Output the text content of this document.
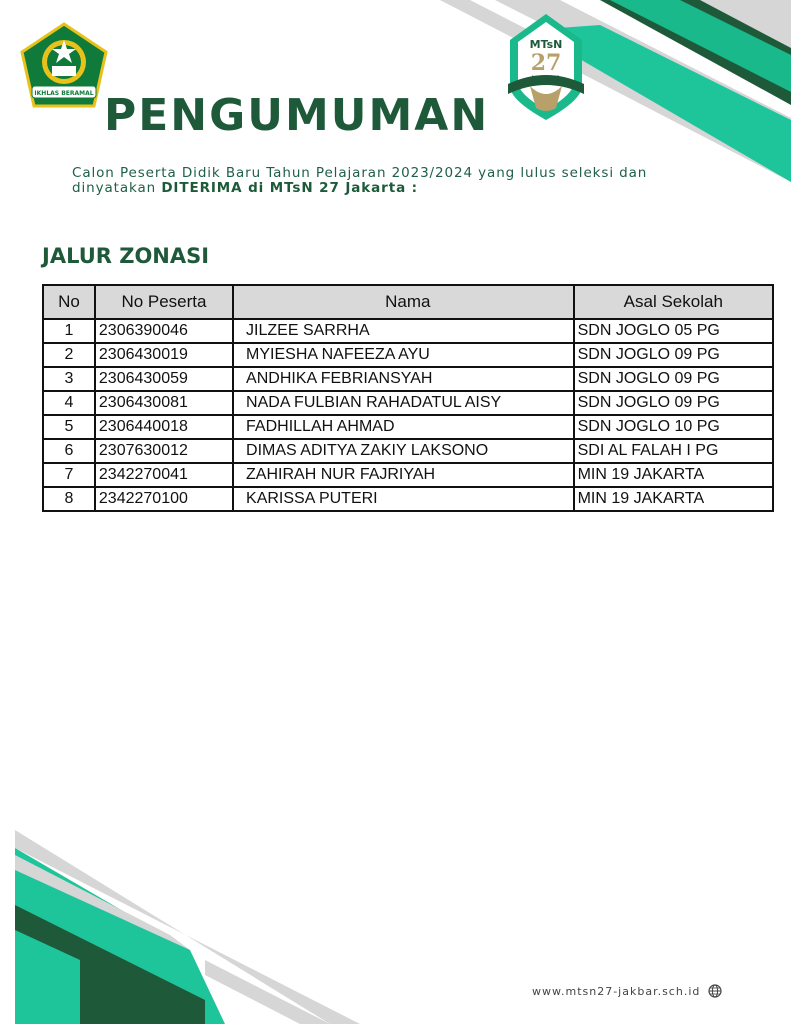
IKHLAS BERAMAL
MTsN
27
JAKARTA
PENGUMUMAN
Calon Peserta Didik Baru Tahun Pelajaran 2023/2024 yang lulus seleksi dan dinyatakan DITERIMA di MTsN 27 Jakarta :
JALUR ZONASI
No	No Peserta	Nama	Asal Sekolah
1	2306390046	JILZEE SARRHA	SDN JOGLO 05 PG
2	2306430019	MYIESHA NAFEEZA AYU	SDN JOGLO 09 PG
3	2306430059	ANDHIKA FEBRIANSYAH	SDN JOGLO 09 PG
4	2306430081	NADA FULBIAN RAHADATUL AISY	SDN JOGLO 09 PG
5	2306440018	FADHILLAH AHMAD	SDN JOGLO 10 PG
6	2307630012	DIMAS ADITYA ZAKIY LAKSONO	SDI AL FALAH I PG
7	2342270041	ZAHIRAH NUR FAJRIYAH	MIN 19 JAKARTA
8	2342270100	KARISSA PUTERI	MIN 19 JAKARTA
www.mtsn27-jakbar.sch.id
